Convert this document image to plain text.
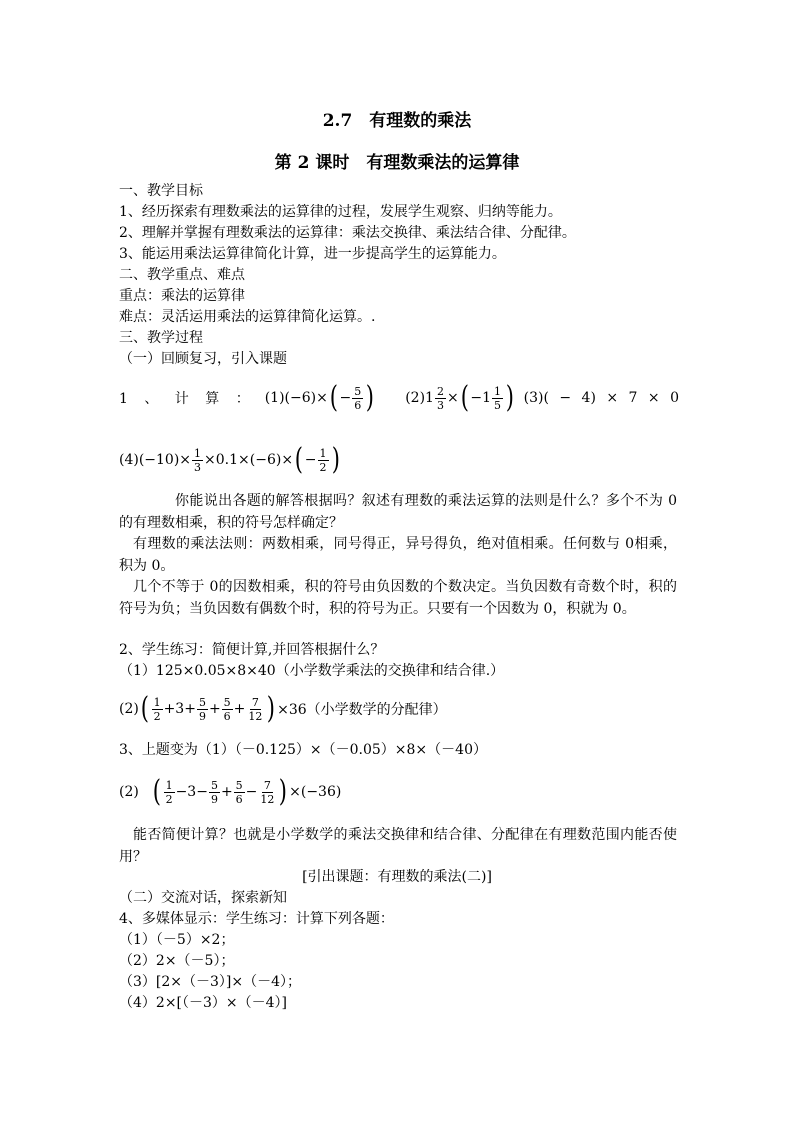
2.7　有理数的乘法
第 2 课时　有理数乘法的运算律
一、教学目标
1、经历探索有理数乘法的运算律的过程，发展学生观察、归纳等能力。
2、理解并掌握有理数乘法的运算律：乘法交换律、乘法结合律、分配律。
3、能运用乘法运算律简化计算，进一步提高学生的运算能力。
二、教学重点、难点
重点：乘法的运算律
难点：灵活运用乘法的运算律简化运算。.
三、教学过程
（一）回顾复习，引入课题
1 、 计 算 ： (1)(−6)× ( − $\frac{5}{6}$ ) $(2)1 \frac{2}{3}$ × ( $-1 \frac{1}{5}$ ) (3)( − 4) × 7 × 0
$(4)(-10)\times \frac{1}{3} \times 0.1\times(-6)\times$ ( − $\frac{1}{2}$ )
你能说出各题的解答根据吗？叙述有理数的乘法运算的法则是什么？多个不为 0的有理数相乘，积的符号怎样确定？
有理数的乘法法则：两数相乘，同号得正，异号得负，绝对值相乘。任何数与 0相乘，积为 0。
几个不等于 0的因数相乘，积的符号由负因数的个数决定。当负因数有奇数个时，积的符号为负；当负因数有偶数个时，积的符号为正。只要有一个因数为 0，积就为 0。
2、学生练习：简便计算,并回答根据什么？
（1）125×0.05×8×40（小学数学乘法的交换律和结合律.）
(2) ( $\frac{1}{2} +3+ \frac{5}{9} + \frac{5}{6} + \frac{7}{12}$ ) ×36（小学数学的分配律）
3、上题变为（1）（－0.125）×（－0.05）×8×（－40）
(2) ( $\frac{1}{2} -3- \frac{5}{9} + \frac{5}{6} - \frac{7}{12}$ ) ×(−36)
能否简便计算？也就是小学数学的乘法交换律和结合律、分配律在有理数范围内能否使用？
[引出课题：有理数的乘法(二)]
（二）交流对话，探索新知
4、多媒体显示：学生练习：计算下列各题：
（1）（－5）×2；
（2）2×（－5）；
（3）[2×（－3）]×（－4）；
（4）2×[（－3）×（－4）]
